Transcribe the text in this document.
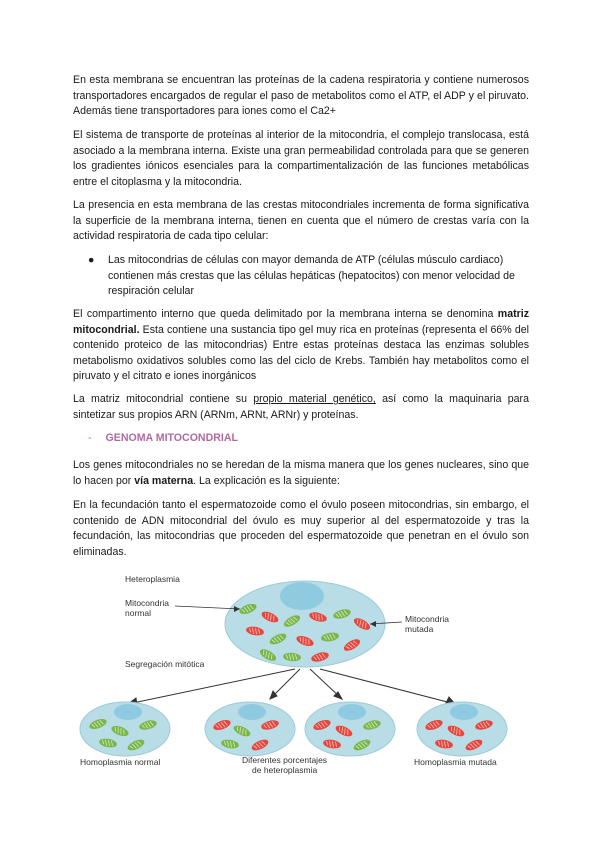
En esta membrana se encuentran las proteínas de la cadena respiratoria y contiene numerosos transportadores encargados de regular el paso de metabolitos como el ATP, el ADP y el piruvato. Además tiene transportadores para iones como el Ca2+

El sistema de transporte de proteínas al interior de la mitocondria, el complejo translocasa, está asociado a la membrana interna. Existe una gran permeabilidad controlada para que se generen los gradientes iónicos esenciales para la compartimentalización de las funciones metabólicas entre el citoplasma y la mitocondria.

La presencia en esta membrana de las crestas mitocondriales incrementa de forma significativa la superficie de la membrana interna, tienen en cuenta que el número de crestas varía con la actividad respiratoria de cada tipo celular:

● Las mitocondrias de células con mayor demanda de ATP (células músculo cardiaco) contienen más crestas que las células hepáticas (hepatocitos) con menor velocidad de respiración celular

El compartimento interno que queda delimitado por la membrana interna se denomina matriz mitocondrial. Esta contiene una sustancia tipo gel muy rica en proteínas (representa el 66% del contenido proteico de las mitocondrias) Entre estas proteínas destaca las enzimas solubles metabolismo oxidativos solubles como las del ciclo de Krebs. También hay metabolitos como el piruvato y el citrato e iones inorgánicos

La matriz mitocondrial contiene su propio material genético, así como la maquinaria para sintetizar sus propios ARN (ARNm, ARNt, ARNr) y proteínas.

- GENOMA MITOCONDRIAL

Los genes mitocondriales no se heredan de la misma manera que los genes nucleares, sino que lo hacen por vía materna. La explicación es la siguiente:

En la fecundación tanto el espermatozoide como el óvulo poseen mitocondrias, sin embargo, el contenido de ADN mitocondrial del óvulo es muy superior al del espermatozoide y tras la fecundación, las mitocondrias que proceden del espermatozoide que penetran en el óvulo son eliminadas.

Heteroplasmia
Mitocondria
normal
Mitocondria
mutada
Segregación mitótica
Homoplasmia normal	Diferentes porcentajes
de heteroplasmia
Homoplasmia mutada
